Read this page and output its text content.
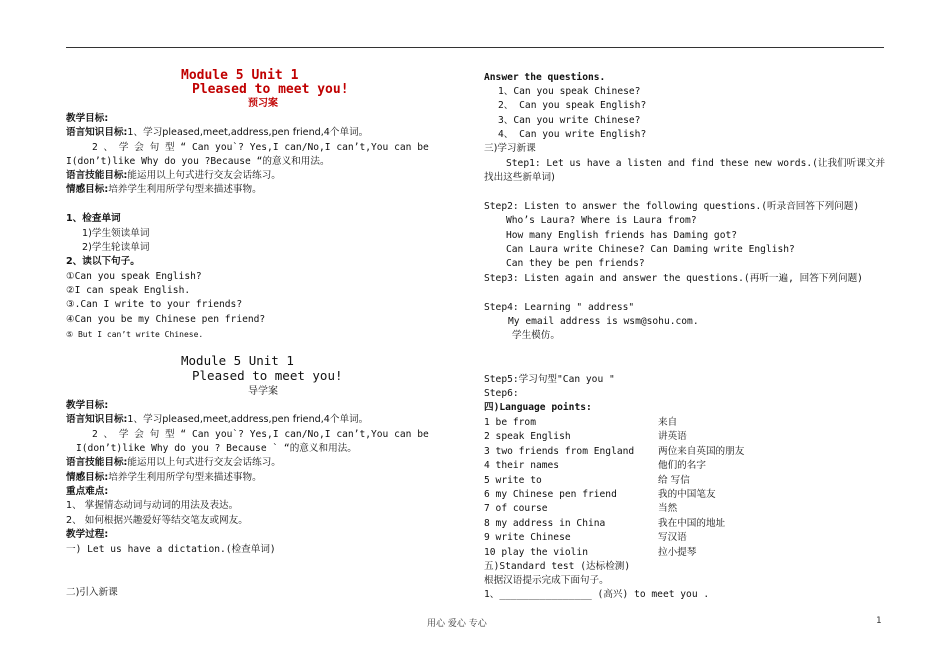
Module 5 Unit 1
Pleased to meet you!
预习案
教学目标:
语言知识目标:1、学习pleased,meet,address,pen friend,4个单词。
2 、 学 会 句 型 “ Can you`? Yes,I can/No,I can’t,You can be
I(don’t)like Why do you ?Because “的意义和用法。
语言技能目标:能运用以上句式进行交友会话练习。
情感目标:培养学生利用所学句型来描述事物。
1、检查单词
1)学生领读单词
2)学生轮读单词
2、读以下句子。
①Can you speak English?
②I can speak English.
③.Can I write to your friends?
④Can you be my Chinese pen friend?
⑤ But I can’t write Chinese.
Module 5 Unit 1
Pleased to meet you!
导学案
教学目标:
语言知识目标:1、学习pleased,meet,address,pen friend,4个单词。
2 、 学 会 句 型 “ Can you`? Yes,I can/No,I can’t,You can be
I(don’t)like Why do you ? Because ` “的意义和用法。
语言技能目标:能运用以上句式进行交友会话练习。
情感目标:培养学生利用所学句型来描述事物。
重点难点:
1、 掌握情态动词与动词的用法及表达。
2、 如何根据兴趣爱好等结交笔友或网友。
教学过程:
一) Let us have a dictation.(检查单词)
二)引入新课
Answer the questions.
1、Can you speak Chinese?
2、 Can you speak English?
3、Can you write Chinese?
4、 Can you write English?
三)学习新课
Step1: Let us have a listen and find these new words.(让我们听课文并
找出这些新单词)
Step2: Listen to answer the following questions.(听录音回答下列问题)
Who’s Laura? Where is Laura from?
How many English friends has Daming got?
Can Laura write Chinese? Can Daming write English?
Can they be pen friends?
Step3: Listen again and answer the questions.(再听一遍, 回答下列问题)
Step4: Learning " address"
My email address is wsm@sohu.com.
学生模仿。
Step5:学习句型"Can you "
Step6:
四)Language points:
1 be from	来自
2 speak English	讲英语
3 two friends from England 两位来自英国的朋友
4 their names	他们的名字
5 write to	给 写信
6 my Chinese pen friend	我的中国笔友
7 of course	当然
8 my address in China	我在中国的地址
9 write Chinese	写汉语
10 play the violin	拉小提琴
五)Standard test (达标检测)
根据汉语提示完成下面句子。
1、________________ (高兴) to meet you .
用心 爱心 专心	1
